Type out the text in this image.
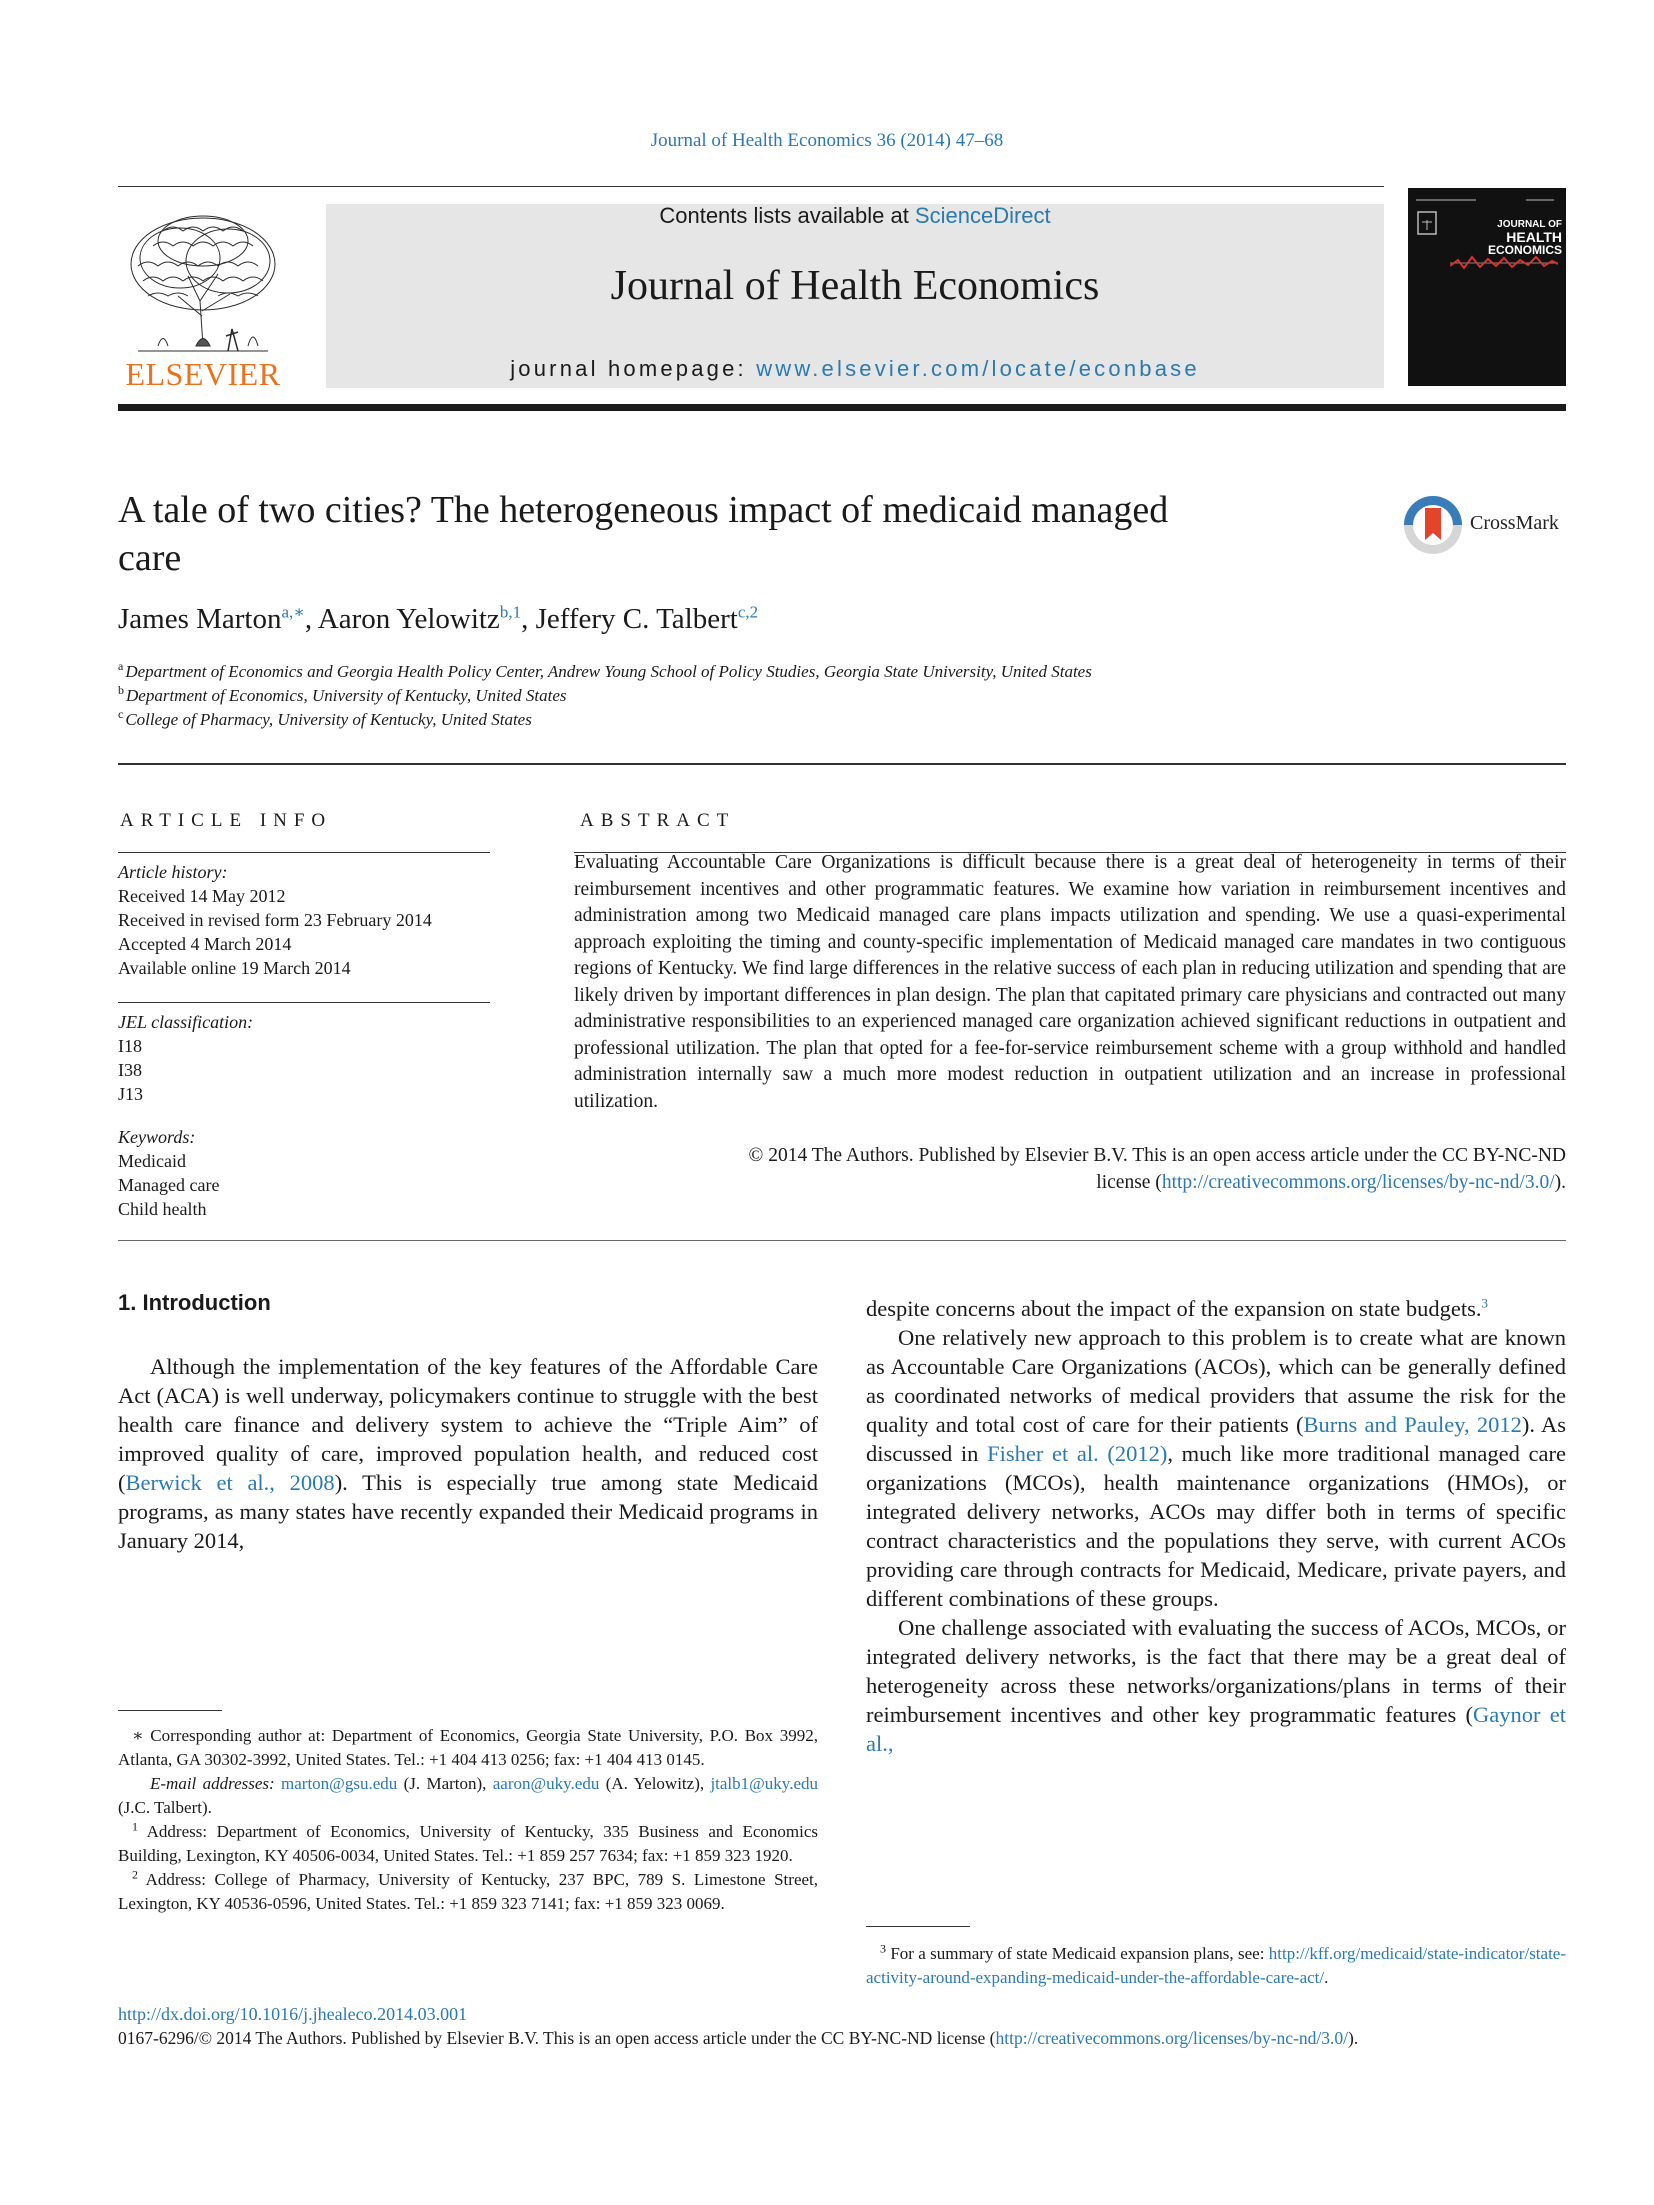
Journal of Health Economics 36 (2014) 47–68
Contents lists available at ScienceDirect
Journal of Health Economics
journal homepage: www.elsevier.com/locate/econbase
ELSEVIER
JOURNAL OF
HEALTH
ECONOMICS
A tale of two cities? The heterogeneous impact of medicaid managed care
CrossMark
James Marton$^{a,∗}$, Aaron Yelowitz$^{b,1}$, Jeffery C. Talbert$^{c,2}$
$^a$ Department of Economics and Georgia Health Policy Center, Andrew Young School of Policy Studies, Georgia State University, United States
$^b$ Department of Economics, University of Kentucky, United States
$^c$ College of Pharmacy, University of Kentucky, United States
ARTICLE INFO
Article history:
Received 14 May 2012
Received in revised form 23 February 2014
Accepted 4 March 2014
Available online 19 March 2014
JEL classification:
I18
I38
J13
Keywords:
Medicaid
Managed care
Child health
ABSTRACT
Evaluating Accountable Care Organizations is difficult because there is a great deal of heterogeneity in terms of their reimbursement incentives and other programmatic features. We examine how variation in reimbursement incentives and administration among two Medicaid managed care plans impacts utilization and spending. We use a quasi-experimental approach exploiting the timing and county-specific implementation of Medicaid managed care mandates in two contiguous regions of Kentucky. We find large differences in the relative success of each plan in reducing utilization and spending that are likely driven by important differences in plan design. The plan that capitated primary care physicians and contracted out many administrative responsibilities to an experienced managed care organization achieved significant reductions in outpatient and professional utilization. The plan that opted for a fee-for-service reimbursement scheme with a group withhold and handled administration internally saw a much more modest reduction in outpatient utilization and an increase in professional utilization.
© 2014 The Authors. Published by Elsevier B.V. This is an open access article under the CC BY-NC-ND
license (http://creativecommons.org/licenses/by-nc-nd/3.0/).
1. Introduction

Although the implementation of the key features of the Affordable Care Act (ACA) is well underway, policymakers continue to struggle with the best health care finance and delivery system to achieve the “Triple Aim” of improved quality of care, improved population health, and reduced cost (Berwick et al., 2008). This is especially true among state Medicaid programs, as many states have recently expanded their Medicaid programs in January 2014,

despite concerns about the impact of the expansion on state budgets.$^3$

One relatively new approach to this problem is to create what are known as Accountable Care Organizations (ACOs), which can be generally defined as coordinated networks of medical providers that assume the risk for the quality and total cost of care for their patients (Burns and Pauley, 2012). As discussed in Fisher et al. (2012), much like more traditional managed care organizations (MCOs), health maintenance organizations (HMOs), or integrated delivery networks, ACOs may differ both in terms of specific contract characteristics and the populations they serve, with current ACOs providing care through contracts for Medicaid, Medicare, private payers, and different combinations of these groups.

One challenge associated with evaluating the success of ACOs, MCOs, or integrated delivery networks, is the fact that there may be a great deal of heterogeneity across these networks/organizations/plans in terms of their reimbursement incentives and other key programmatic features (Gaynor et al.,

∗ Corresponding author at: Department of Economics, Georgia State University, P.O. Box 3992, Atlanta, GA 30302-3992, United States. Tel.: +1 404 413 0256; fax: +1 404 413 0145.

E-mail addresses: marton@gsu.edu (J. Marton), aaron@uky.edu (A. Yelowitz), jtalb1@uky.edu (J.C. Talbert).

$^1$ Address: Department of Economics, University of Kentucky, 335 Business and Economics Building, Lexington, KY 40506-0034, United States. Tel.: +1 859 257 7634; fax: +1 859 323 1920.

$^2$ Address: College of Pharmacy, University of Kentucky, 237 BPC, 789 S. Limestone Street, Lexington, KY 40536-0596, United States. Tel.: +1 859 323 7141; fax: +1 859 323 0069.

$^3$ For a summary of state Medicaid expansion plans, see: http://kff.org/medicaid/state-indicator/state-activity-around-expanding-medicaid-under-the-affordable-care-act/.

http://dx.doi.org/10.1016/j.jhealeco.2014.03.001
0167-6296/© 2014 The Authors. Published by Elsevier B.V. This is an open access article under the CC BY-NC-ND license (http://creativecommons.org/licenses/by-nc-nd/3.0/).
